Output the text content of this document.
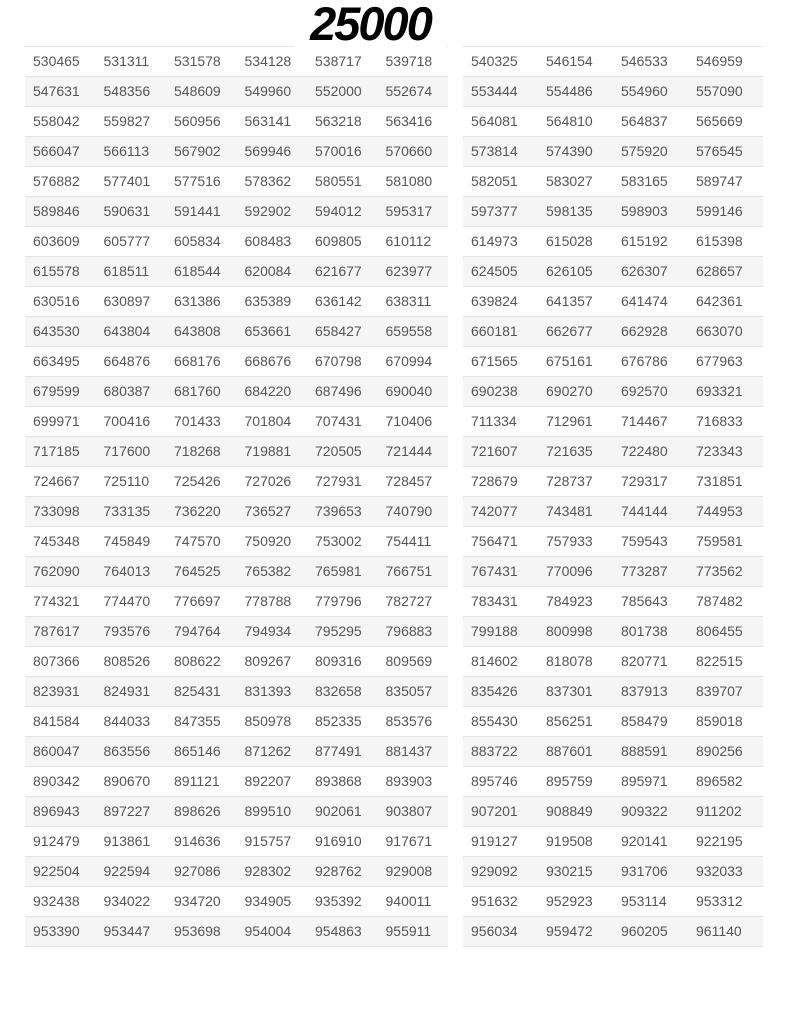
25000
530465	531311	531578	534128	538717	539718
547631	548356	548609	549960	552000	552674
558042	559827	560956	563141	563218	563416
566047	566113	567902	569946	570016	570660
576882	577401	577516	578362	580551	581080
589846	590631	591441	592902	594012	595317
603609	605777	605834	608483	609805	610112
615578	618511	618544	620084	621677	623977
630516	630897	631386	635389	636142	638311
643530	643804	643808	653661	658427	659558
663495	664876	668176	668676	670798	670994
679599	680387	681760	684220	687496	690040
699971	700416	701433	701804	707431	710406
717185	717600	718268	719881	720505	721444
724667	725110	725426	727026	727931	728457
733098	733135	736220	736527	739653	740790
745348	745849	747570	750920	753002	754411
762090	764013	764525	765382	765981	766751
774321	774470	776697	778788	779796	782727
787617	793576	794764	794934	795295	796883
807366	808526	808622	809267	809316	809569
823931	824931	825431	831393	832658	835057
841584	844033	847355	850978	852335	853576
860047	863556	865146	871262	877491	881437
890342	890670	891121	892207	893868	893903
896943	897227	898626	899510	902061	903807
912479	913861	914636	915757	916910	917671
922504	922594	927086	928302	928762	929008
932438	934022	934720	934905	935392	940011
953390	953447	953698	954004	954863	955911
540325	546154	546533	546959
553444	554486	554960	557090
564081	564810	564837	565669
573814	574390	575920	576545
582051	583027	583165	589747
597377	598135	598903	599146
614973	615028	615192	615398
624505	626105	626307	628657
639824	641357	641474	642361
660181	662677	662928	663070
671565	675161	676786	677963
690238	690270	692570	693321
711334	712961	714467	716833
721607	721635	722480	723343
728679	728737	729317	731851
742077	743481	744144	744953
756471	757933	759543	759581
767431	770096	773287	773562
783431	784923	785643	787482
799188	800998	801738	806455
814602	818078	820771	822515
835426	837301	837913	839707
855430	856251	858479	859018
883722	887601	888591	890256
895746	895759	895971	896582
907201	908849	909322	911202
919127	919508	920141	922195
929092	930215	931706	932033
951632	952923	953114	953312
956034	959472	960205	961140
